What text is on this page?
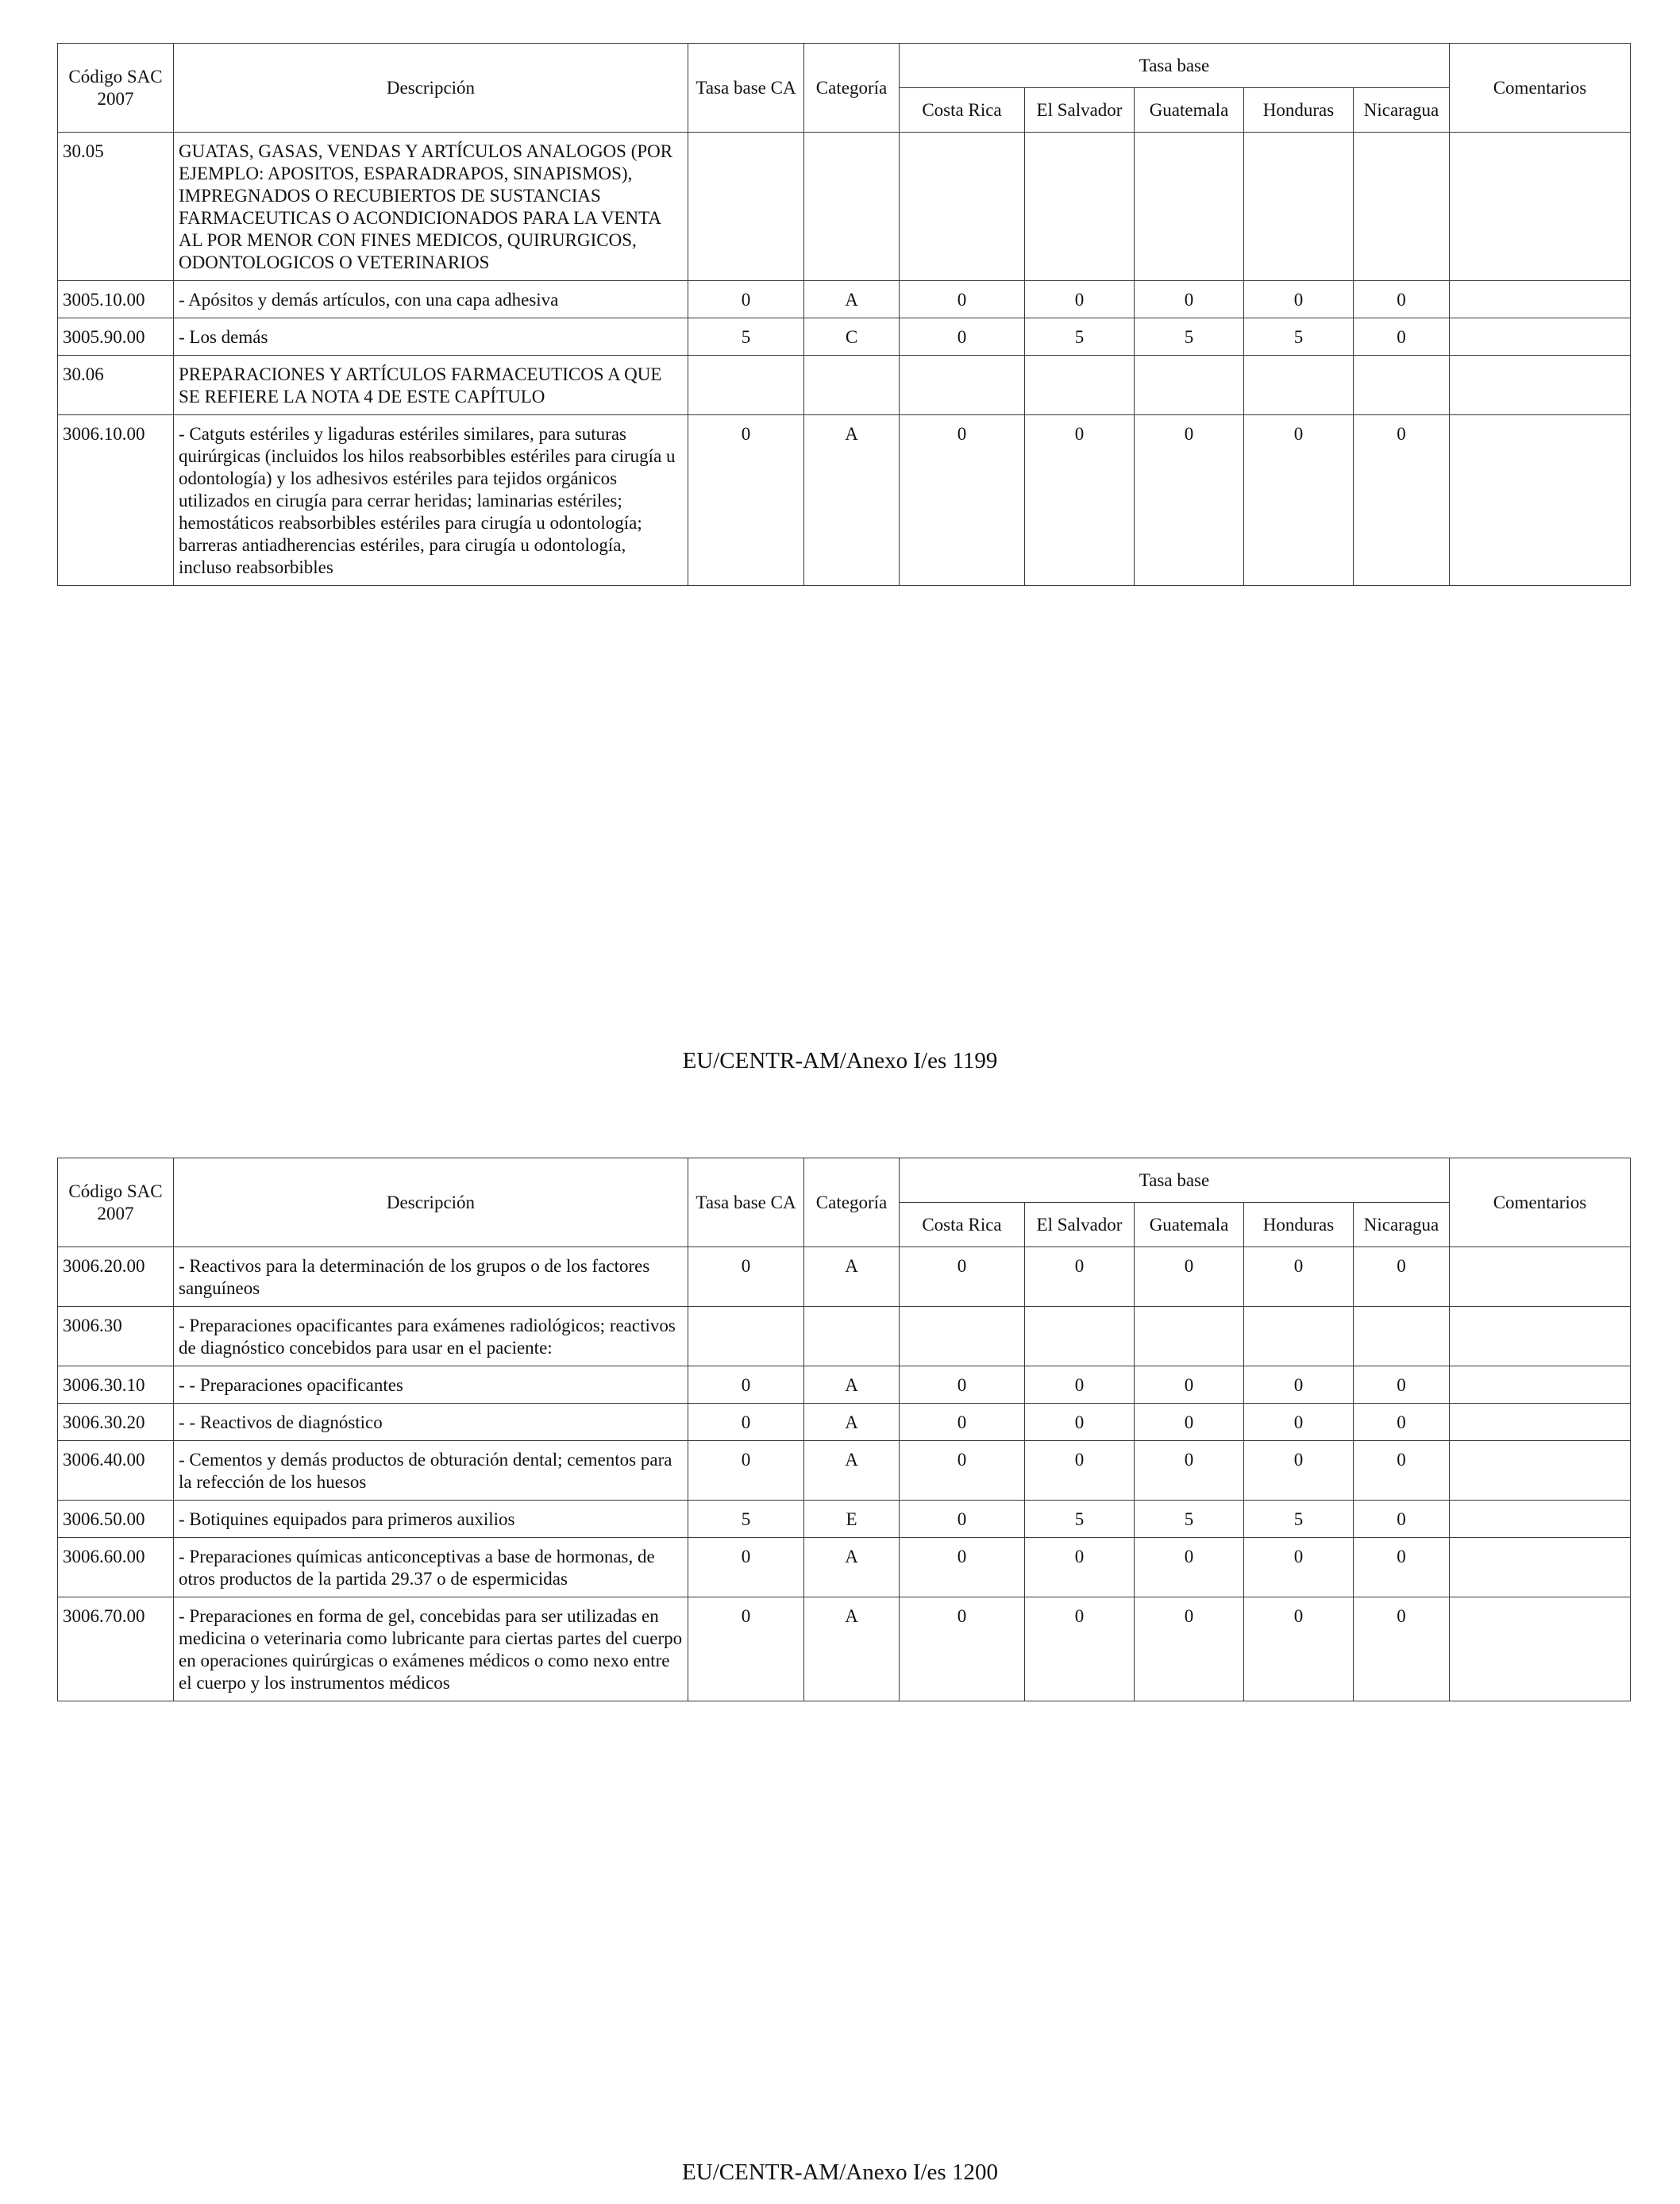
Código SAC 2007	Descripción	Tasa base CA	Categoría	Tasa base					Comentarios
				Costa Rica	El Salvador	Guatemala	Honduras	Nicaragua	
30.05	GUATAS, GASAS, VENDAS Y ARTÍCULOS ANALOGOS (POR EJEMPLO: APOSITOS, ESPARADRAPOS, SINAPISMOS), IMPREGNADOS O RECUBIERTOS DE SUSTANCIAS FARMACEUTICAS O ACONDICIONADOS PARA LA VENTA AL POR MENOR CON FINES MEDICOS, QUIRURGICOS, ODONTOLOGICOS O VETERINARIOS								
3005.10.00	- Apósitos y demás artículos, con una capa adhesiva	0	A	0	0	0	0	0	
3005.90.00	- Los demás	5	C	0	5	5	5	0	
30.06	PREPARACIONES Y ARTÍCULOS FARMACEUTICOS A QUE SE REFIERE LA NOTA 4 DE ESTE CAPÍTULO								
3006.10.00	- Catguts estériles y ligaduras estériles similares, para suturas quirúrgicas (incluidos los hilos reabsorbibles estériles para cirugía u odontología) y los adhesivos estériles para tejidos orgánicos utilizados en cirugía para cerrar heridas; laminarias estériles; hemostáticos reabsorbibles estériles para cirugía u odontología; barreras antiadherencias estériles, para cirugía u odontología, incluso reabsorbibles	0	A	0	0	0	0	0	
EU/CENTR-AM/Anexo I/es 1199
Código SAC 2007	Descripción	Tasa base CA	Categoría	Tasa base					Comentarios
				Costa Rica	El Salvador	Guatemala	Honduras	Nicaragua	
3006.20.00	- Reactivos para la determinación de los grupos o de los factores sanguíneos	0	A	0	0	0	0	0	
3006.30	- Preparaciones opacificantes para exámenes radiológicos; reactivos de diagnóstico concebidos para usar en el paciente:								
3006.30.10	- - Preparaciones opacificantes	0	A	0	0	0	0	0	
3006.30.20	- - Reactivos de diagnóstico	0	A	0	0	0	0	0	
3006.40.00	- Cementos y demás productos de obturación dental; cementos para la refección de los huesos	0	A	0	0	0	0	0	
3006.50.00	- Botiquines equipados para primeros auxilios	5	E	0	5	5	5	0	
3006.60.00	- Preparaciones químicas anticonceptivas a base de hormonas, de otros productos de la partida 29.37 o de espermicidas	0	A	0	0	0	0	0	
3006.70.00	- Preparaciones en forma de gel, concebidas para ser utilizadas en medicina o veterinaria como lubricante para ciertas partes del cuerpo en operaciones quirúrgicas o exámenes médicos o como nexo entre el cuerpo y los instrumentos médicos	0	A	0	0	0	0	0	
EU/CENTR-AM/Anexo I/es 1200
